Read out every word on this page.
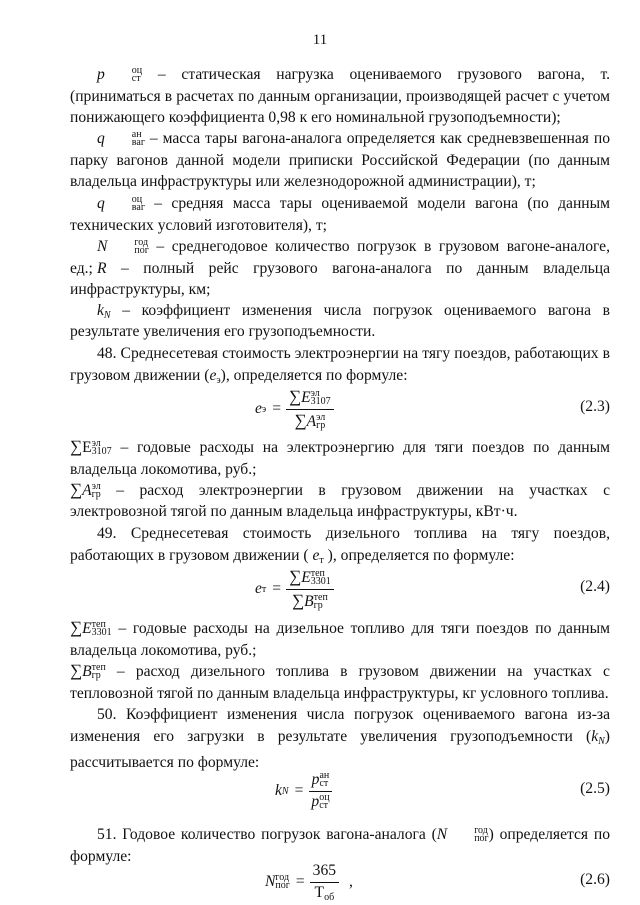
11

p	оц
ст – статическая нагрузка оцениваемого грузового вагона, т. (приниматься в расчетах по данным организации, производящей расчет с учетом понижающего коэффициента 0,98 к его номинальной грузоподъемности);

q	ан
ваг – масса тары вагона-аналога определяется как средневзвешенная по парку вагонов данной модели приписки Российской Федерации (по данным владельца инфраструктуры или железнодорожной администрации), т;

q	оц
ваг – средняя масса тары оцениваемой модели вагона (по данным технических условий изготовителя), т;

N	год
пог – среднегодовое количество погрузок в грузовом вагоне-аналоге, ед.; R – полный рейс грузового вагона-аналога по данным владельца

инфраструктуры, км;

kN – коэффициент изменения числа погрузок оцениваемого вагона в

результате увеличения его грузоподъемности.

48. Среднесетевая стоимость электроэнергии на тягу поездов, работающих в грузовом движении (eэ), определяется по формуле:

е э = ∑E эл
3107
∑A эл
гр	(2.3)

∑E эл
3107 – годовые расходы на электроэнергию для тяги поездов по данным владельца локомотива, руб.;

∑A эл
гр – расход электроэнергии в грузовом движении на участках с

электровозной тягой по данным владельца инфраструктуры, кВт·ч.

49. Среднесетевая стоимость дизельного топлива на тягу поездов, работающих в грузовом движении ( eт ), определяется по формуле:

e т = ∑E теп
3301
∑B теп
гр	(2.4)

∑E теп
3301 – годовые расходы на дизельное топливо для тяги поездов по данным владельца локомотива, руб.;

∑B теп
гр	– расход дизельного топлива в грузовом движении на участках с тепловозной тягой по данным владельца инфраструктуры, кг условного топлива.

50. Коэффициент изменения числа погрузок оцениваемого вагона из-за изменения его загрузки в результате увеличения грузоподъемности (kN) рассчитывается по формуле:

k N = p ан
ст
p оц
ст	(2.5)

51. Годовое количество погрузок вагона-аналога (N	год
пог ) определяется по формуле:

N год
пог = $\frac{365}{\text{Tоб}}$ ,	(2.6)
